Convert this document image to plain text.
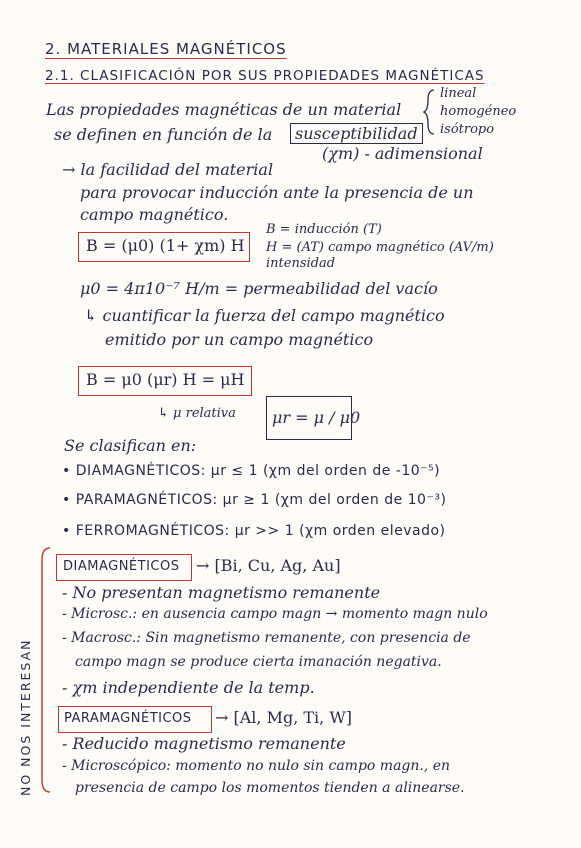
2. MATERIALES MAGNÉTICOS
2.1. CLASIFICACIÓN POR SUS PROPIEDADES MAGNÉTICAS
Las propiedades magnéticas de un material
se definen en función de la	susceptibilidad
lineal
homogéneo
isótropo
(χm) - adimensional
→ la facilidad del material
para provocar inducción ante la presencia de un
campo magnético.
B = (μ0) (1+ χm) H
B = inducción (T)
H = (AT) campo magnético (AV/m)
intensidad
μ0 = 4π10⁻⁷ H/m = permeabilidad del vacío
↳ cuantificar la fuerza del campo magnético
emitido por un campo magnético
B = μ0 (μr) H = μH
↳ μ relativa μr = μ / μ0
Se clasifican en:
• DIAMAGNÉTICOS: μr ≤ 1 (χm del orden de -10⁻⁵)
• PARAMAGNÉTICOS: μr ≥ 1 (χm del orden de 10⁻³)
• FERROMAGNÉTICOS: μr >> 1 (χm orden elevado)
DIAMAGNÉTICOS → [Bi, Cu, Ag, Au]
- No presentan magnetismo remanente
- Microsc.: en ausencia campo magn → momento magn nulo
- Macrosc.: Sin magnetismo remanente, con presencia de
campo magn se produce cierta imanación negativa.
- χm independiente de la temp.
PARAMAGNÉTICOS → [Al, Mg, Ti, W]
- Reducido magnetismo remanente
- Microscópico: momento no nulo sin campo magn., en
presencia de campo los momentos tienden a alinearse.
NO NOS INTERESAN
